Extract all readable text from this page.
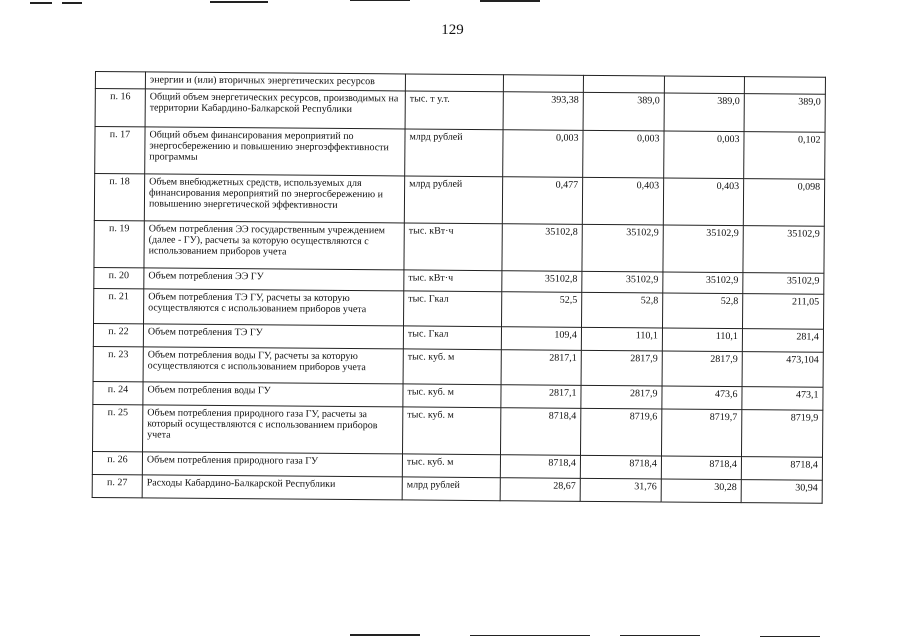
129
	энергии и (или) вторичных энергетических ресурсов					
п. 16	Общий объем энергетических ресурсов, производимых на территории Кабардино-Балкарской Республики	тыс. т у.т.	393,38	389,0	389,0	389,0
п. 17	Общий объем финансирования мероприятий по энергосбережению и повышению энергоэффективности программы	млрд рублей	0,003	0,003	0,003	0,102
п. 18	Объем внебюджетных средств, используемых для финансирования мероприятий по энергосбережению и повышению энергетической эффективности	млрд рублей	0,477	0,403	0,403	0,098
п. 19	Объем потребления ЭЭ государственным учреждением (далее - ГУ), расчеты за которую осуществляются с использованием приборов учета	тыс. кВт·ч	35102,8	35102,9	35102,9	35102,9
п. 20	Объем потребления ЭЭ ГУ	тыс. кВт·ч	35102,8	35102,9	35102,9	35102,9
п. 21	Объем потребления ТЭ ГУ, расчеты за которую осуществляются с использованием приборов учета	тыс. Гкал	52,5	52,8	52,8	211,05
п. 22	Объем потребления ТЭ ГУ	тыс. Гкал	109,4	110,1	110,1	281,4
п. 23	Объем потребления воды ГУ, расчеты за которую осуществляются с использованием приборов учета	тыс. куб. м	2817,1	2817,9	2817,9	473,104
п. 24	Объем потребления воды ГУ	тыс. куб. м	2817,1	2817,9	473,6	473,1
п. 25	Объем потребления природного газа ГУ, расчеты за который осуществляются с использованием приборов учета	тыс. куб. м	8718,4	8719,6	8719,7	8719,9
п. 26	Объем потребления природного газа ГУ	тыс. куб. м	8718,4	8718,4	8718,4	8718,4
п. 27	Расходы Кабардино-Балкарской Республики	млрд рублей	28,67	31,76	30,28	30,94
